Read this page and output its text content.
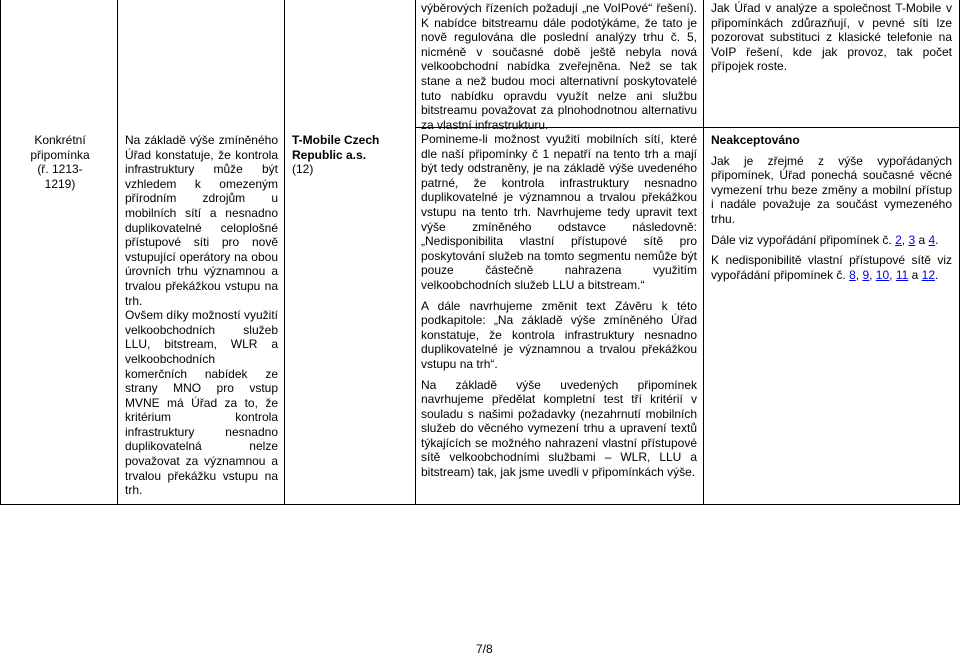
Konkrétní připomínka
(ř. 1213-1219)

Na základě výše zmíněného Úřad konstatuje, že kontrola infrastruktury může být vzhledem k omezeným přírodním zdrojům u mobilních sítí a nesnadno duplikovatelné celoplošné přístupové síti pro nově vstupující operátory na obou úrovních trhu významnou a trvalou překážkou vstupu na trh.

Ovšem díky možností využití velkoobchodních služeb LLU, bitstream, WLR a velkoobchodních komerčních nabídek ze strany MNO pro vstup MVNE má Úřad za to, že kritérium kontrola infrastruktury nesnadno duplikovatelná nelze považovat za významnou a trvalou překážku vstupu na trh.

T-Mobile Czech Republic a.s.
(12)

výběrových řízeních požadují „ne VoIPové“ řešení). K nabídce bitstreamu dále podotýkáme, že tato je nově regulována dle poslední analýzy trhu č. 5, nicméně v současné době ještě nebyla nová velkoobchodní nabídka zveřejněna. Než se tak stane a než budou moci alternativní poskytovatelé tuto nabídku opravdu využít nelze ani službu bitstreamu považovat za plnohodnotnou alternativu za vlastní infrastrukturu.

Pomineme-li možnost využití mobilních sítí, které dle naší připomínky č 1 nepatří na tento trh a mají být tedy odstraněny, je na základě výše uvedeného patrné, že kontrola infrastruktury nesnadno duplikovatelné je významnou a trvalou překážkou vstupu na tento trh. Navrhujeme tedy upravit text výše zmíněného odstavce následovně: „Nedisponibilita vlastní přístupové sítě pro poskytování služeb na tomto segmentu nemůže být pouze částečně nahrazena využitím velkoobchodních služeb LLU a bitstream.“

A dále navrhujeme změnit text Závěru k této podkapitole: „Na základě výše zmíněného Úřad konstatuje, že kontrola infrastruktury nesnadno duplikovatelné je významnou a trvalou překážkou vstupu na trh“.

Na základě výše uvedených připomínek navrhujeme předělat kompletní test tří kritérií v souladu s našimi požadavky (nezahrnutí mobilních služeb do věcného vymezení trhu a upravení textů týkajících se možného nahrazení vlastní přístupové sítě velkoobchodními službami – WLR, LLU a bitstream) tak, jak jsme uvedli v připomínkách výše.

Jak Úřad v analýze a společnost T-Mobile v připomínkách zdůrazňují, v pevné síti lze pozorovat substituci z klasické telefonie na VoIP řešení, kde jak provoz, tak počet přípojek roste.

Neakceptováno

Jak je zřejmé z výše vypořádaných připomínek, Úřad ponechá současné věcné vymezení trhu beze změny a mobilní přístup i nadále považuje za součást vymezeného trhu.

Dále viz vypořádání připomínek č. 2, 3 a 4.

K nedisponibilitě vlastní přístupové sítě viz vypořádání připomínek č. 8, 9, 10, 11 a 12.

7/8
